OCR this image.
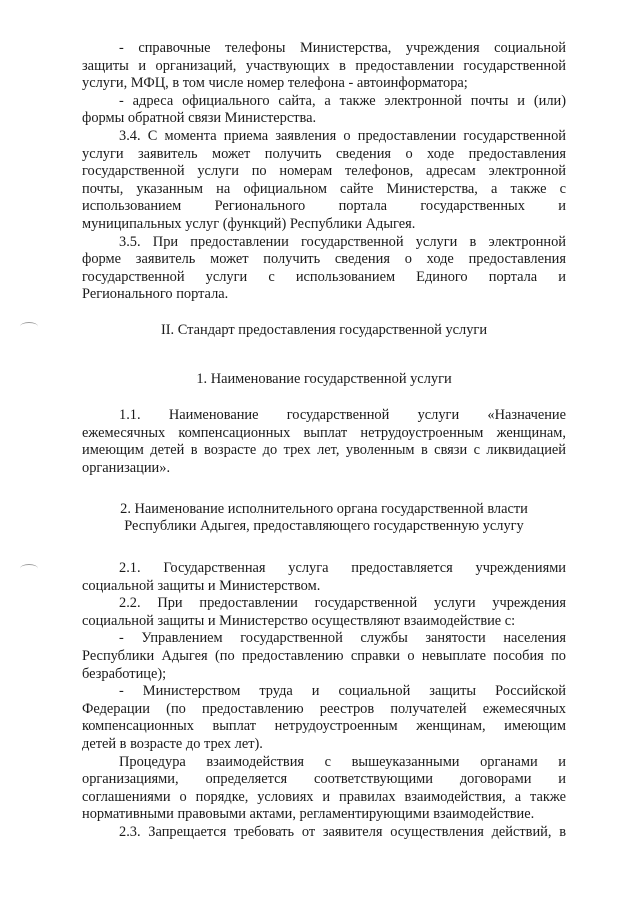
- справочные телефоны Министерства, учреждения социальной
защиты и организаций, участвующих в предоставлении государственной
услуги, МФЦ, в том числе номер телефона - автоинформатора;
- адреса официального сайта, а также электронной почты и (или)
формы обратной связи Министерства.
3.4. С момента приема заявления о предоставлении государственной
услуги заявитель может получить сведения о ходе предоставления
государственной услуги по номерам телефонов, адресам электронной
почты, указанным на официальном сайте Министерства, а также с
использованием Регионального портала государственных и
муниципальных услуг (функций) Республики Адыгея.
3.5. При предоставлении государственной услуги в электронной
форме заявитель может получить сведения о ходе предоставления
государственной услуги с использованием Единого портала и
Регионального портала.
II. Стандарт предоставления государственной услуги
1. Наименование государственной услуги
1.1. Наименование государственной услуги «Назначение
ежемесячных компенсационных выплат нетрудоустроенным женщинам,
имеющим детей в возрасте до трех лет, уволенным в связи с ликвидацией
организации».
2. Наименование исполнительного органа государственной власти
Республики Адыгея, предоставляющего государственную услугу
2.1. Государственная услуга предоставляется учреждениями
социальной защиты и Министерством.
2.2. При предоставлении государственной услуги учреждения
социальной защиты и Министерство осуществляют взаимодействие с:
- Управлением государственной службы занятости населения
Республики Адыгея (по предоставлению справки о невыплате пособия по
безработице);
- Министерством труда и социальной защиты Российской
Федерации (по предоставлению реестров получателей ежемесячных
компенсационных выплат нетрудоустроенным женщинам, имеющим
детей в возрасте до трех лет).
Процедура взаимодействия с вышеуказанными органами и
организациями, определяется соответствующими договорами и
соглашениями о порядке, условиях и правилах взаимодействия, а также
нормативными правовыми актами, регламентирующими взаимодействие.
2.3. Запрещается требовать от заявителя осуществления действий, в
